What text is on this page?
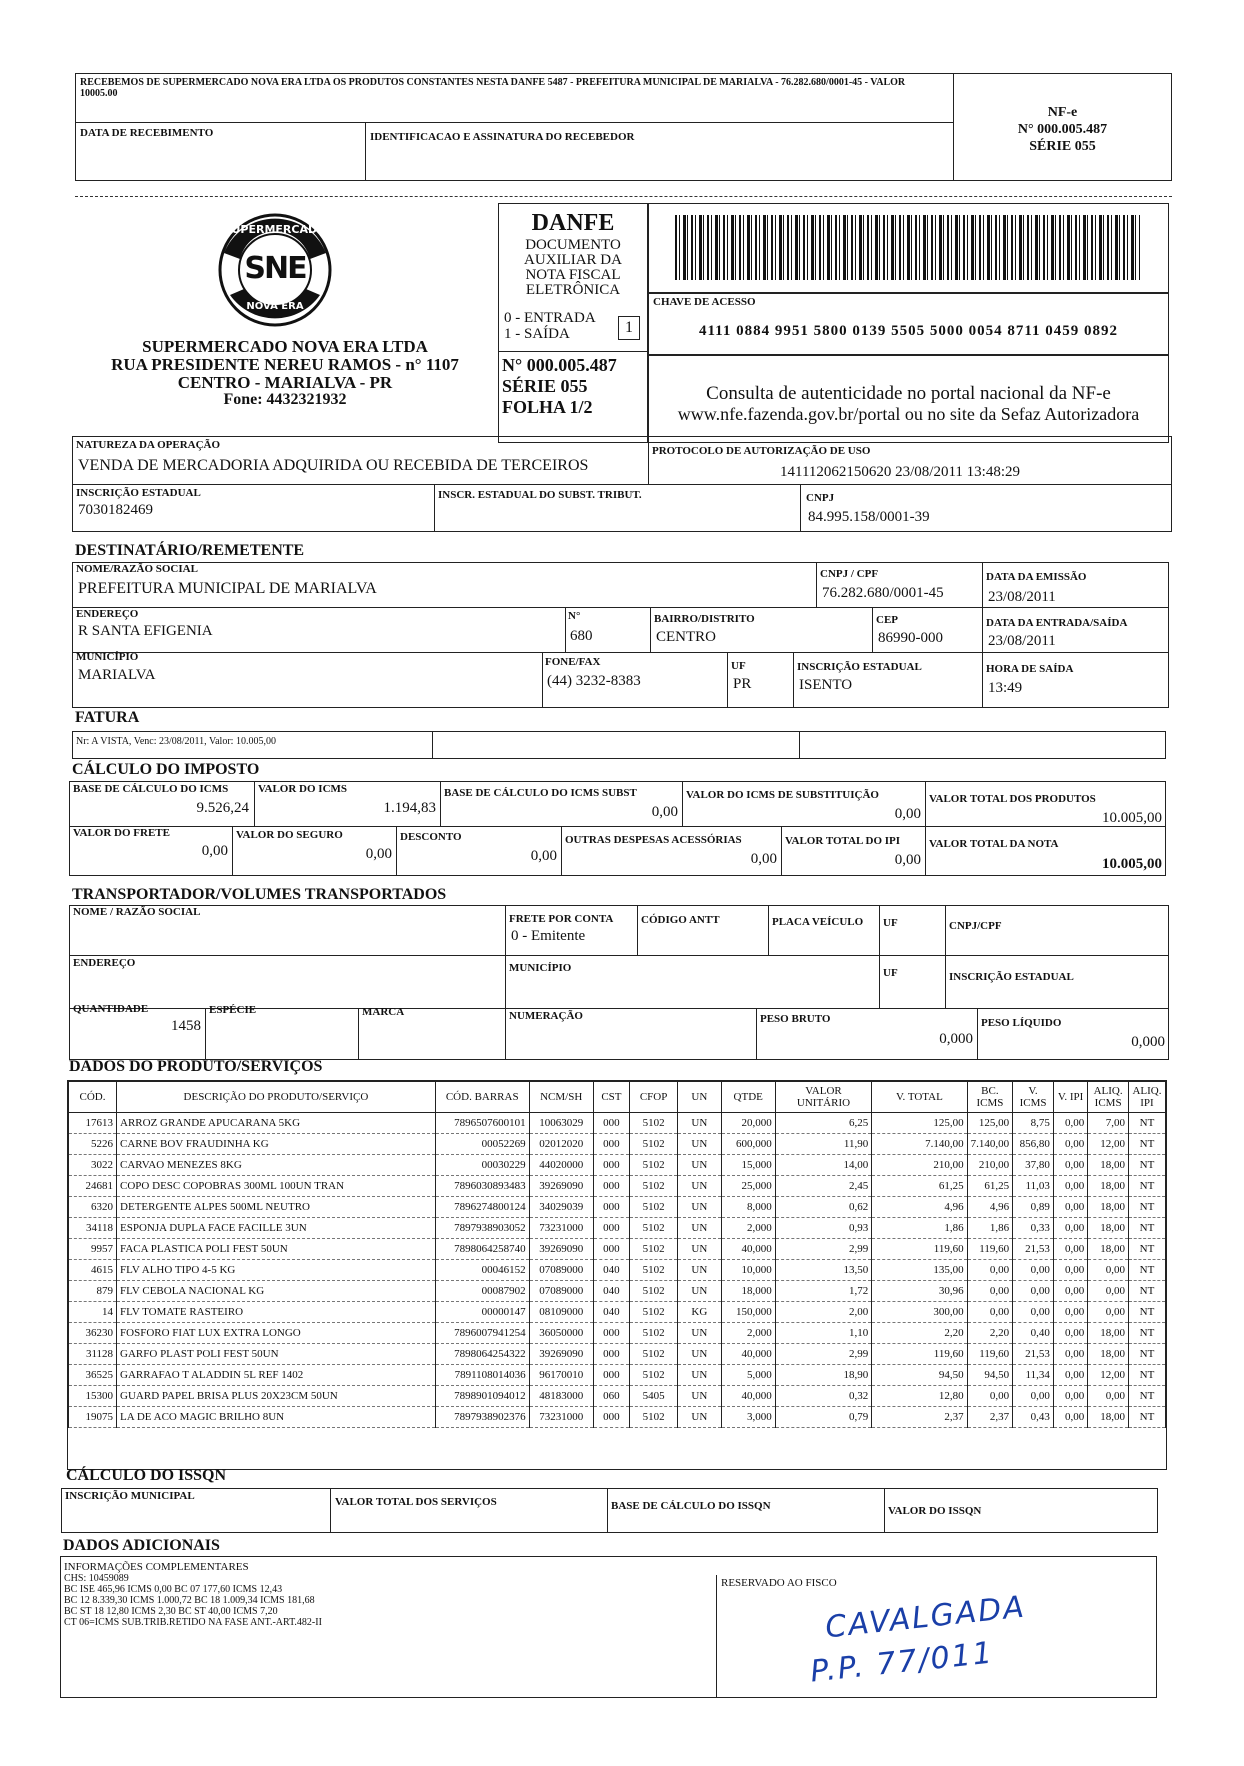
RECEBEMOS DE SUPERMERCADO NOVA ERA LTDA OS PRODUTOS CONSTANTES NESTA DANFE 5487 - PREFEITURA MUNICIPAL DE MARIALVA - 76.282.680/0001-45 - VALOR 10005.00
DATA DE RECEBIMENTO	IDENTIFICACAO E ASSINATURA DO RECEBEDOR
NF-e
N° 000.005.487
SÉRIE 055
SUPERMERCADO
SNE
NOVA ERA
SUPERMERCADO NOVA ERA LTDA
RUA PRESIDENTE NEREU RAMOS - n° 1107
CENTRO - MARIALVA - PR
Fone: 4432321932
DANFE
DOCUMENTO
AUXILIAR DA
NOTA FISCAL
ELETRÔNICA
0 - ENTRADA
1 - SAÍDA	1
N° 000.005.487
SÉRIE 055
FOLHA 1/2
CHAVE DE ACESSO
4111 0884 9951 5800 0139 5505 5000 0054 8711 0459 0892
Consulta de autenticidade no portal nacional da NF-e
www.nfe.fazenda.gov.br/portal ou no site da Sefaz Autorizadora
NATUREZA DA OPERAÇÃO
VENDA DE MERCADORIA ADQUIRIDA OU RECEBIDA DE TERCEIROS
PROTOCOLO DE AUTORIZAÇÃO DE USO
141112062150620 23/08/2011 13:48:29
INSCRIÇÃO ESTADUAL
7030182469
INSCR. ESTADUAL DO SUBST. TRIBUT.	CNPJ
84.995.158/0001-39
DESTINATÁRIO/REMETENTE
NOME/RAZÃO SOCIAL
PREFEITURA MUNICIPAL DE MARIALVA
CNPJ / CPF
76.282.680/0001-45
DATA DA EMISSÃO
23/08/2011
ENDEREÇO
R SANTA EFIGENIA
N°
680
BAIRRO/DISTRITO
CENTRO
CEP
86990-000
DATA DA ENTRADA/SAÍDA
23/08/2011
MUNICÍPIO
MARIALVA
FONE/FAX
(44) 3232-8383
UF
PR
INSCRIÇÃO ESTADUAL
ISENTO
HORA DE SAÍDA
13:49
FATURA
Nr: A VISTA, Venc: 23/08/2011, Valor: 10.005,00
CÁLCULO DO IMPOSTO
BASE DE CÁLCULO DO ICMS
9.526,24
VALOR DO ICMS
1.194,83
BASE DE CÁLCULO DO ICMS SUBST
0,00
VALOR DO ICMS DE SUBSTITUIÇÃO
0,00
VALOR TOTAL DOS PRODUTOS
10.005,00
VALOR DO FRETE
0,00
VALOR DO SEGURO
0,00
DESCONTO
0,00
OUTRAS DESPESAS ACESSÓRIAS
0,00
VALOR TOTAL DO IPI
0,00
VALOR TOTAL DA NOTA
10.005,00
TRANSPORTADOR/VOLUMES TRANSPORTADOS
NOME / RAZÃO SOCIAL
FRETE POR CONTA
0 - Emitente
CÓDIGO ANTT	PLACA VEÍCULO UF	CNPJ/CPF
ENDEREÇO	MUNICÍPIO	UF	INSCRIÇÃO ESTADUAL
QUANTIDADE
1458
ESPÉCIE	MARCA	NUMERAÇÃO	PESO BRUTO
0,000
PESO LÍQUIDO
0,000
DADOS DO PRODUTO/SERVIÇOS
CÓD.	DESCRIÇÃO DO PRODUTO/SERVIÇO	CÓD. BARRAS	NCM/SH	CST	CFOP	UN	QTDE	VALOR UNITÁRIO	V. TOTAL	BC. ICMS	V. ICMS	V. IPI	ALIQ. ICMS	ALIQ. IPI
17613	ARROZ GRANDE APUCARANA 5KG	7896507600101	10063029	000	5102	UN	20,000	6,25	125,00	125,00	8,75	0,00	7,00	NT
5226	CARNE BOV FRAUDINHA KG	00052269	02012020	000	5102	UN	600,000	11,90	7.140,00	7.140,00	856,80	0,00	12,00	NT
3022	CARVAO MENEZES 8KG	00030229	44020000	000	5102	UN	15,000	14,00	210,00	210,00	37,80	0,00	18,00	NT
24681	COPO DESC COPOBRAS 300ML 100UN TRAN	7896030893483	39269090	000	5102	UN	25,000	2,45	61,25	61,25	11,03	0,00	18,00	NT
6320	DETERGENTE ALPES 500ML NEUTRO	7896274800124	34029039	000	5102	UN	8,000	0,62	4,96	4,96	0,89	0,00	18,00	NT
34118	ESPONJA DUPLA FACE FACILLE 3UN	7897938903052	73231000	000	5102	UN	2,000	0,93	1,86	1,86	0,33	0,00	18,00	NT
9957	FACA PLASTICA POLI FEST 50UN	7898064258740	39269090	000	5102	UN	40,000	2,99	119,60	119,60	21,53	0,00	18,00	NT
4615	FLV ALHO TIPO 4-5 KG	00046152	07089000	040	5102	UN	10,000	13,50	135,00	0,00	0,00	0,00	0,00	NT
879	FLV CEBOLA NACIONAL KG	00087902	07089000	040	5102	UN	18,000	1,72	30,96	0,00	0,00	0,00	0,00	NT
14	FLV TOMATE RASTEIRO	00000147	08109000	040	5102	KG	150,000	2,00	300,00	0,00	0,00	0,00	0,00	NT
36230	FOSFORO FIAT LUX EXTRA LONGO	7896007941254	36050000	000	5102	UN	2,000	1,10	2,20	2,20	0,40	0,00	18,00	NT
31128	GARFO PLAST POLI FEST 50UN	7898064254322	39269090	000	5102	UN	40,000	2,99	119,60	119,60	21,53	0,00	18,00	NT
36525	GARRAFAO T ALADDIN 5L REF 1402	7891108014036	96170010	000	5102	UN	5,000	18,90	94,50	94,50	11,34	0,00	12,00	NT
15300	GUARD PAPEL BRISA PLUS 20X23CM 50UN	7898901094012	48183000	060	5405	UN	40,000	0,32	12,80	0,00	0,00	0,00	0,00	NT
19075	LA DE ACO MAGIC BRILHO 8UN	7897938902376	73231000	000	5102	UN	3,000	0,79	2,37	2,37	0,43	0,00	18,00	NT
CÁLCULO DO ISSQN
INSCRIÇÃO MUNICIPAL	VALOR TOTAL DOS SERVIÇOS	BASE DE CÁLCULO DO ISSQN	VALOR DO ISSQN
DADOS ADICIONAIS
INFORMAÇÕES COMPLEMENTARES
CHS: 10459089
BC ISE 465,96 ICMS 0,00 BC 07 177,60 ICMS 12,43
BC 12 8.339,30 ICMS 1.000,72 BC 18 1.009,34 ICMS 181,68
BC ST 18 12,80 ICMS 2,30 BC ST 40,00 ICMS 7,20
CT 06=ICMS SUB.TRIB.RETIDO NA FASE ANT.-ART.482-II
RESERVADO AO FISCO
CAVALGADA
P.P. 77/011
